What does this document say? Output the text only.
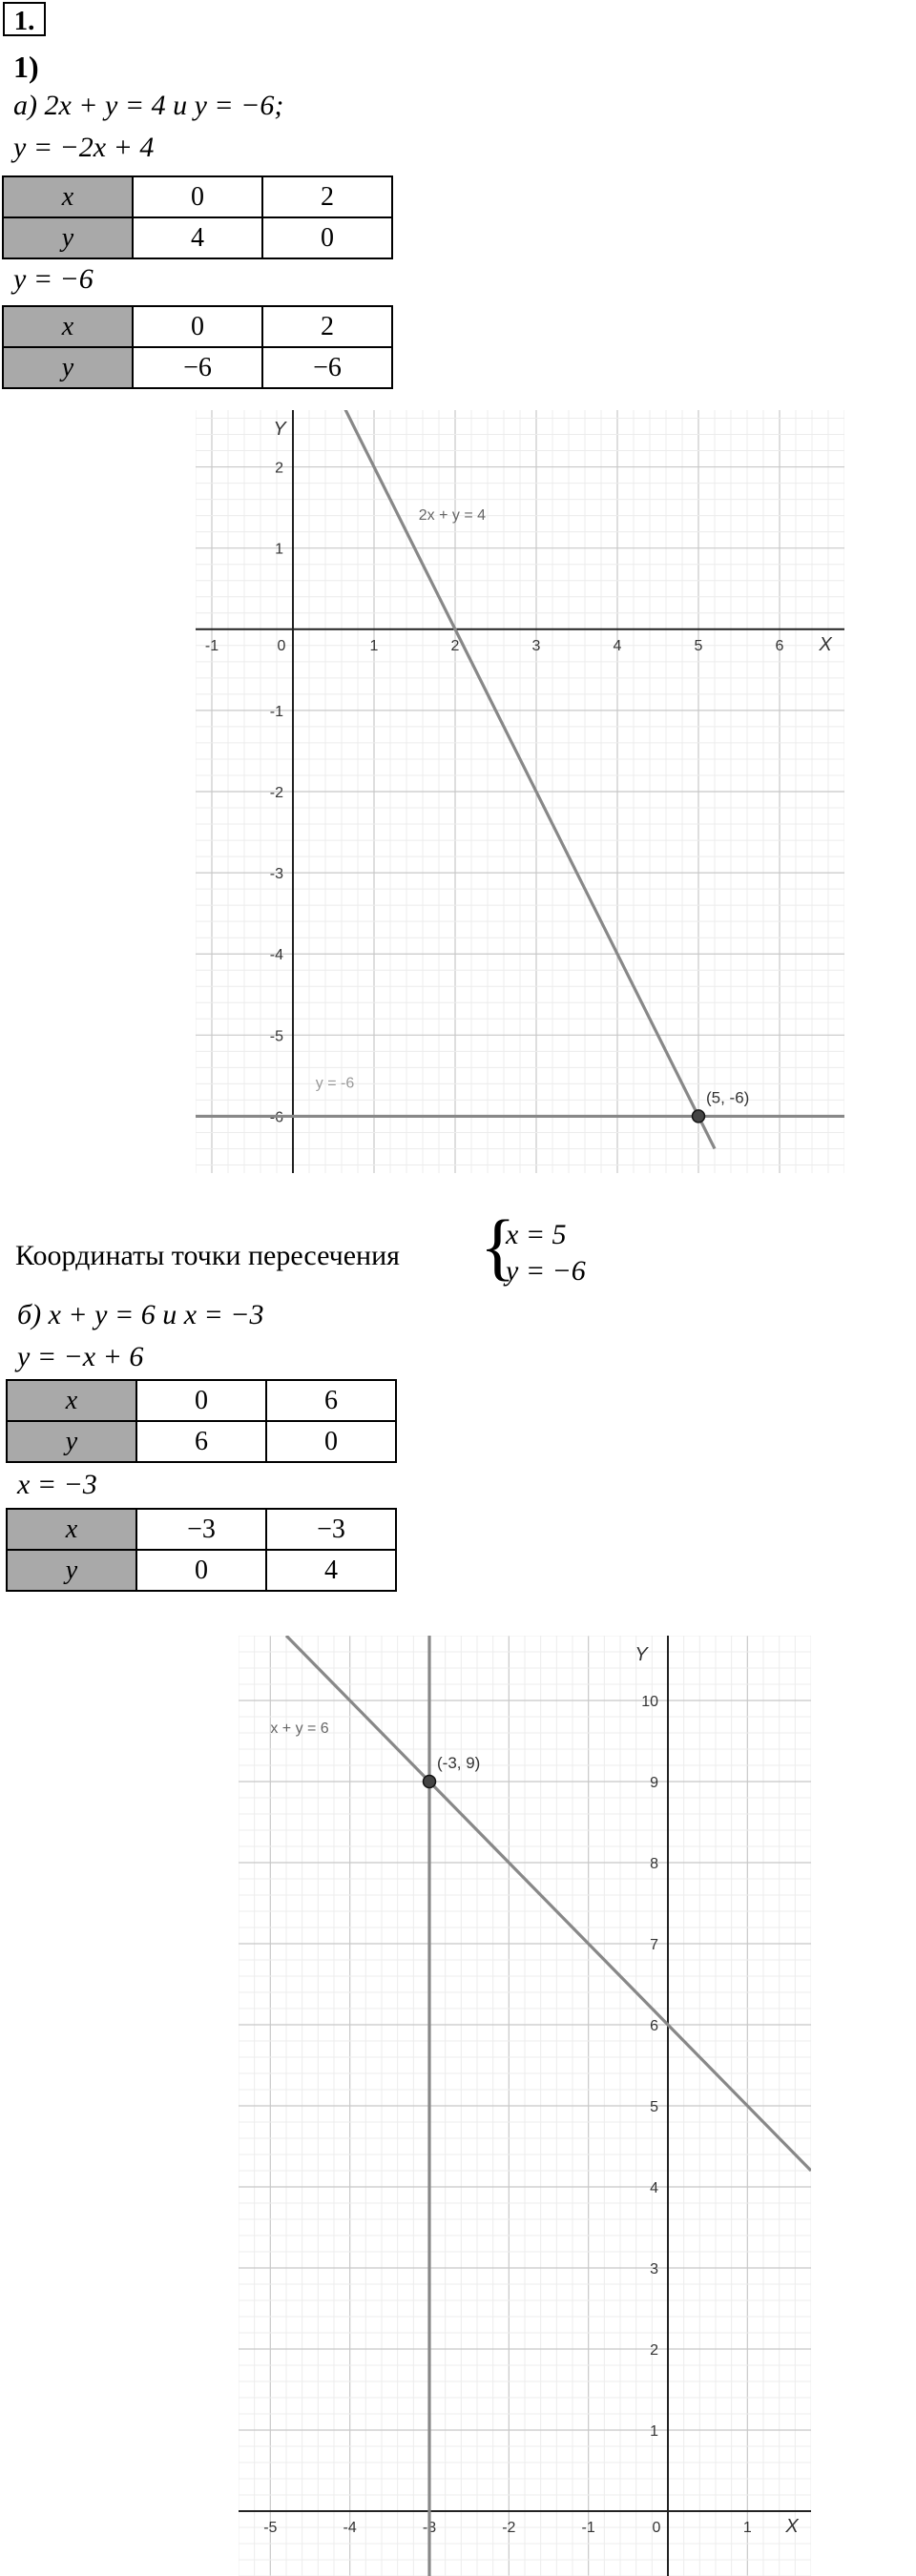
1.
1)
а) 2x + y = 4 и y = −6;
y = −2x + 4
x	0	2
y	4	0
y = −6
x	0	2
y	−6	−6
-1	0	1	2	3	4	5	6
2
1
-1
-2
-3
-4
-5
-6
X
Y
(5, -6)
2x + y = 4
y = -6
Координаты точки пересечения {
x = 5
y = −6
б) x + y = 6 и x = −3
y = −x + 6
x	0	6
y	6	0
x = −3
x	−3	−3
y	0	4
-5	-4	-3	-2	-1	0	1
10
9
8
7
6
5
4
3
2
1
X
Y
(-3, 9)
x + y = 6
